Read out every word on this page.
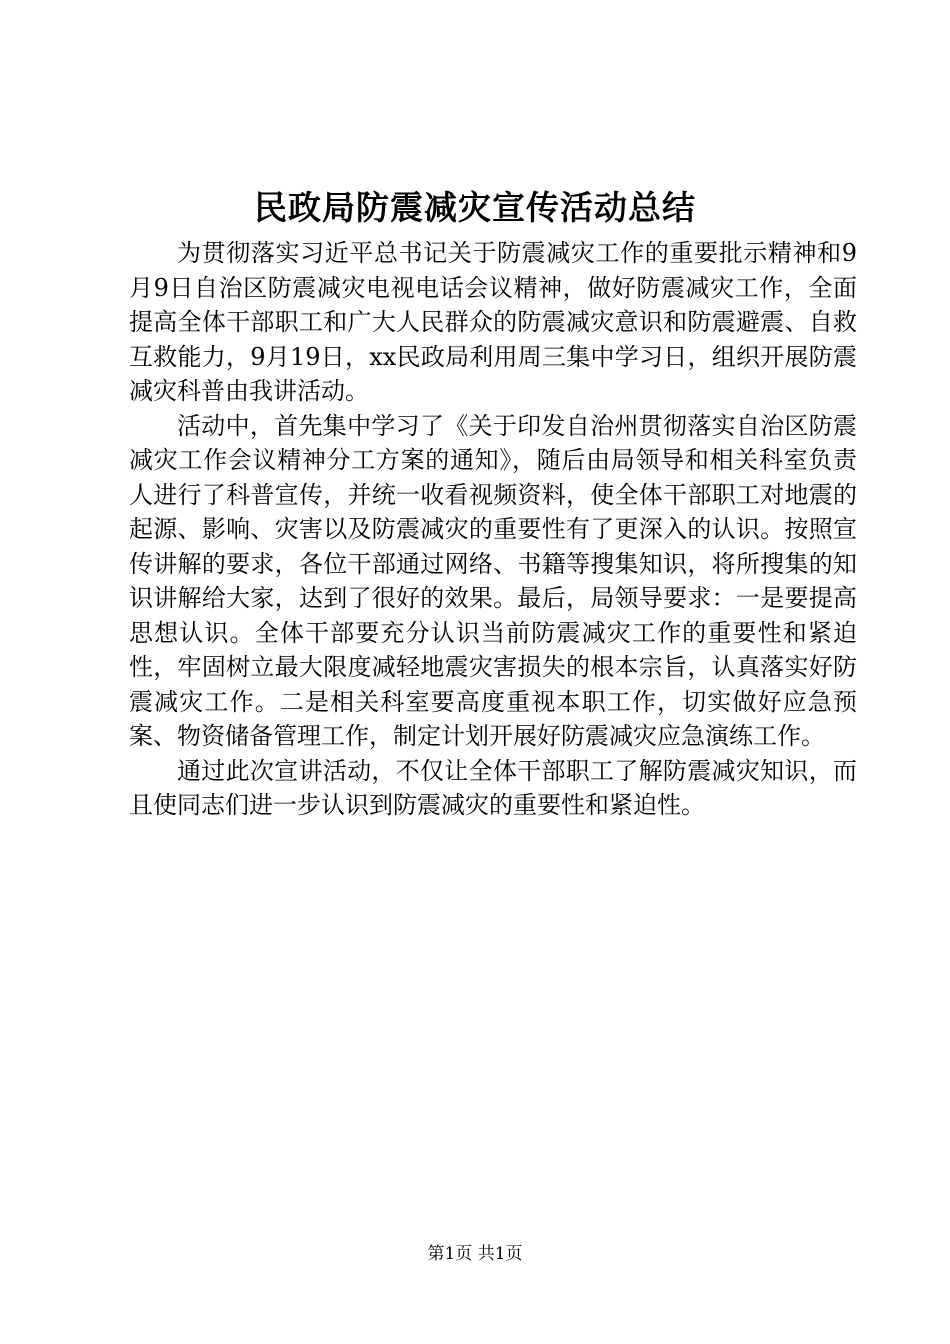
民政局防震减灾宣传活动总结

为贯彻落实习近平总书记关于防震减灾工作的重要批示精神和9月9日自治区防震减灾电视电话会议精神，做好防震减灾工作，全面提高全体干部职工和广大人民群众的防震减灾意识和防震避震、自救互救能力，9月19日，xx民政局利用周三集中学习日，组织开展防震减灾科普由我讲活动。

活动中，首先集中学习了《关于印发自治州贯彻落实自治区防震减灾工作会议精神分工方案的通知》，随后由局领导和相关科室负责人进行了科普宣传，并统一收看视频资料，使全体干部职工对地震的起源、影响、灾害以及防震减灾的重要性有了更深入的认识。按照宣传讲解的要求，各位干部通过网络、书籍等搜集知识，将所搜集的知识讲解给大家，达到了很好的效果。最后，局领导要求：一是要提高思想认识。全体干部要充分认识当前防震减灾工作的重要性和紧迫性，牢固树立最大限度减轻地震灾害损失的根本宗旨，认真落实好防震减灾工作。二是相关科室要高度重视本职工作，切实做好应急预案、物资储备管理工作，制定计划开展好防震减灾应急演练工作。

通过此次宣讲活动，不仅让全体干部职工了解防震减灾知识，而且使同志们进一步认识到防震减灾的重要性和紧迫性。

第1页 共1页
